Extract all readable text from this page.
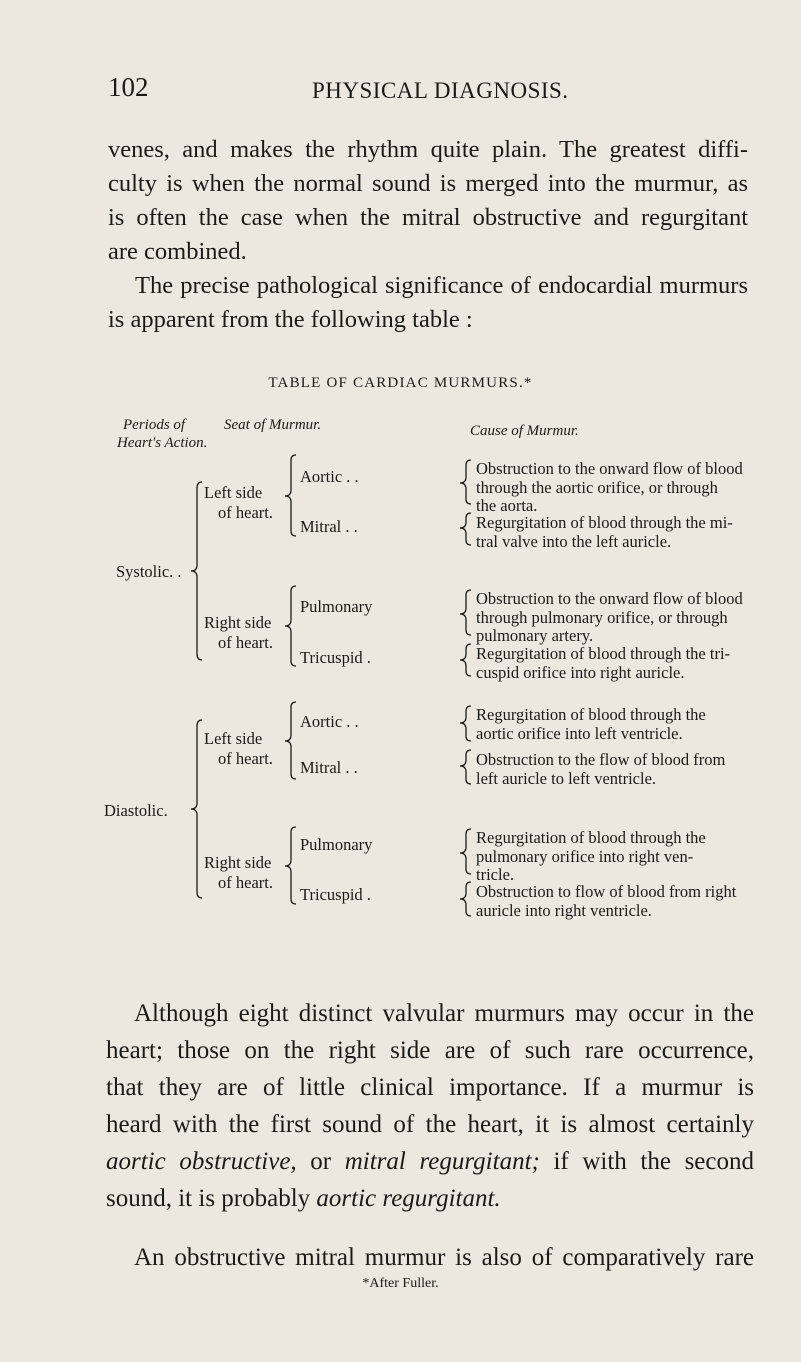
102	PHYSICAL DIAGNOSIS.

venes, and makes the rhythm quite plain. The greatest diffi-
culty is when the normal sound is merged into the murmur, as
is often the case when the mitral obstructive and regurgitant
are combined.

The precise pathological significance of endocardial murmurs
is apparent from the following table :

TABLE OF CARDIAC MURMURS.*
Periods of
Heart's Action.
Seat of Murmur.	Cause of Murmur.
Systolic. .
Left side
of heart.
Right side
of heart.
Aortic . .
Mitral . .
Pulmonary
Tricuspid .
Obstruction to the onward flow of blood
through the aortic orifice, or through
the aorta.
Regurgitation of blood through the mi-
tral valve into the left auricle.
Obstruction to the onward flow of blood
through pulmonary orifice, or through
pulmonary artery.
Regurgitation of blood through the tri-
cuspid orifice into right auricle.
Diastolic.
Left side
of heart.
Right side
of heart.
Aortic . .
Mitral . .
Pulmonary
Tricuspid .
Regurgitation of blood through the
aortic orifice into left ventricle.
Obstruction to the flow of blood from
left auricle to left ventricle.
Regurgitation of blood through the
pulmonary orifice into right ven-
tricle.
Obstruction to flow of blood from right
auricle into right ventricle.

Although eight distinct valvular murmurs may occur in the
heart; those on the right side are of such rare occurrence,
that they are of little clinical importance. If a murmur is
heard with the first sound of the heart, it is almost certainly
aortic obstructive, or mitral regurgitant; if with the second
sound, it is probably aortic regurgitant.

An obstructive mitral murmur is also of comparatively rare

*After Fuller.
